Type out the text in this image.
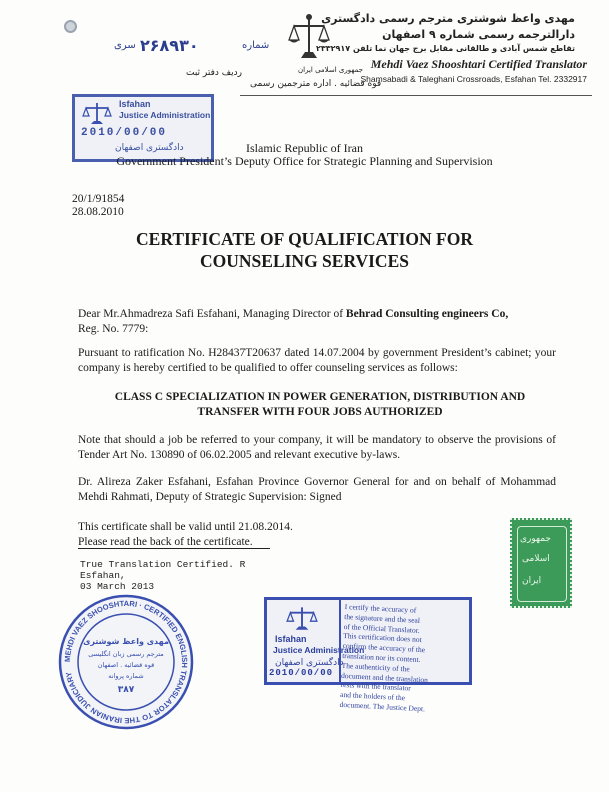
مهدی واعظ شوشتری مترجم رسمی دادگستری
دارالترجمه رسمی شماره ۹ اصفهان
تقاطع شمس آبادی و طالقانی مقابل برج جهان نما تلفن ۲۳۳۲۹۱۷
Mehdi Vaez Shooshtari Certified Translator
Shamsabadi & Taleghani Crossroads, Esfahan Tel. 2332917
قوه قضائیه . اداره مترجمین رسمی
جمهوری اسلامی ایران
شماره
۲۶۸۹۳۰
سری
ردیف دفتر ثبت
Isfahan
Justice Administration
2010/00/00
دادگستری اصفهان	Islamic Republic of Iran
Government President’s Deputy Office for Strategic Planning and Supervision
20/1/91854
28.08.2010
CERTIFICATE OF QUALIFICATION FOR
COUNSELING SERVICES
Dear Mr.Ahmadreza Safi Esfahani, Managing Director of Behrad Consulting engineers Co,
Reg. No. 7779:
Pursuant to ratification No. H28437T20637 dated 14.07.2004 by government President’s cabinet; your company is hereby certified to be qualified to offer counseling services as follows:
CLASS C SPECIALIZATION IN POWER GENERATION, DISTRIBUTION AND
TRANSFER WITH FOUR JOBS AUTHORIZED
Note that should a job be referred to your company, it will be mandatory to observe the provisions of Tender Art No. 130890 of 06.02.2005 and relevant executive by-laws.
Dr. Alireza Zaker Esfahani, Esfahan Province Governor General for and on behalf of Mohammad Mehdi Rahmati, Deputy of Strategic Supervision: Signed
This certificate shall be valid until 21.08.2014.
Please read the back of the certificate.
True Translation Certified. R
Esfahan,
03 March 2013
جمهوری
اسلامی
ایران
Isfahan
Justice Administration
دادگستری اصفهان
2010/00/00
I certify the accuracy of
the signature and the seal
of the Official Translator.
This certification does not
confirm the accuracy of the
translation nor its content.
The authenticity of the
document and the translation
rests with the translator
and the holders of the
document. The Justice Dept.
MEHDI VAEZ SHOOSHTARI · CERTIFIED ENGLISH TRANSLATOR TO THE IRANIAN JUDICIARY
مهدی واعظ شوشتری
مترجم رسمی زبان انگلیسی
قوه قضائیه . اصفهان
شماره پروانه
۳۸۷
